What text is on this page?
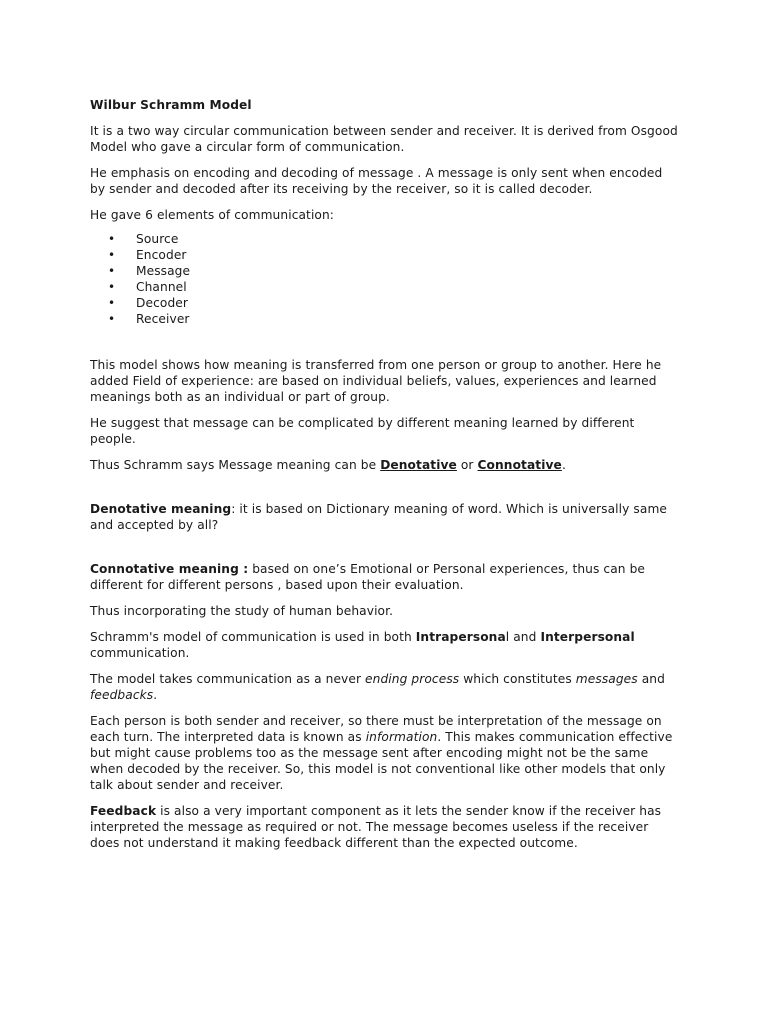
Wilbur Schramm Model

It is a two way circular communication between sender and receiver. It is derived from Osgood Model who gave a circular form of communication.

He emphasis on encoding and decoding of message . A message is only sent when encoded by sender and decoded after its receiving by the receiver, so it is called decoder.

He gave 6 elements of communication:

• Source
• Encoder
• Message
• Channel
• Decoder
• Receiver

This model shows how meaning is transferred from one person or group to another. Here he added Field of experience: are based on individual beliefs, values, experiences and learned meanings both as an individual or part of group.

He suggest that message can be complicated by different meaning learned by different people.

Thus Schramm says Message meaning can be Denotative or Connotative.

Denotative meaning: it is based on Dictionary meaning of word. Which is universally same and accepted by all?

Connotative meaning : based on one’s Emotional or Personal experiences, thus can be different for different persons , based upon their evaluation.

Thus incorporating the study of human behavior.

Schramm's model of communication is used in both Intrapersonal and Interpersonal communication.

The model takes communication as a never ending process which constitutes messages and feedbacks.

Each person is both sender and receiver, so there must be interpretation of the message on each turn. The interpreted data is known as information. This makes communication effective but might cause problems too as the message sent after encoding might not be the same when decoded by the receiver. So, this model is not conventional like other models that only talk about sender and receiver.

Feedback is also a very important component as it lets the sender know if the receiver has interpreted the message as required or not. The message becomes useless if the receiver does not understand it making feedback different than the expected outcome.
